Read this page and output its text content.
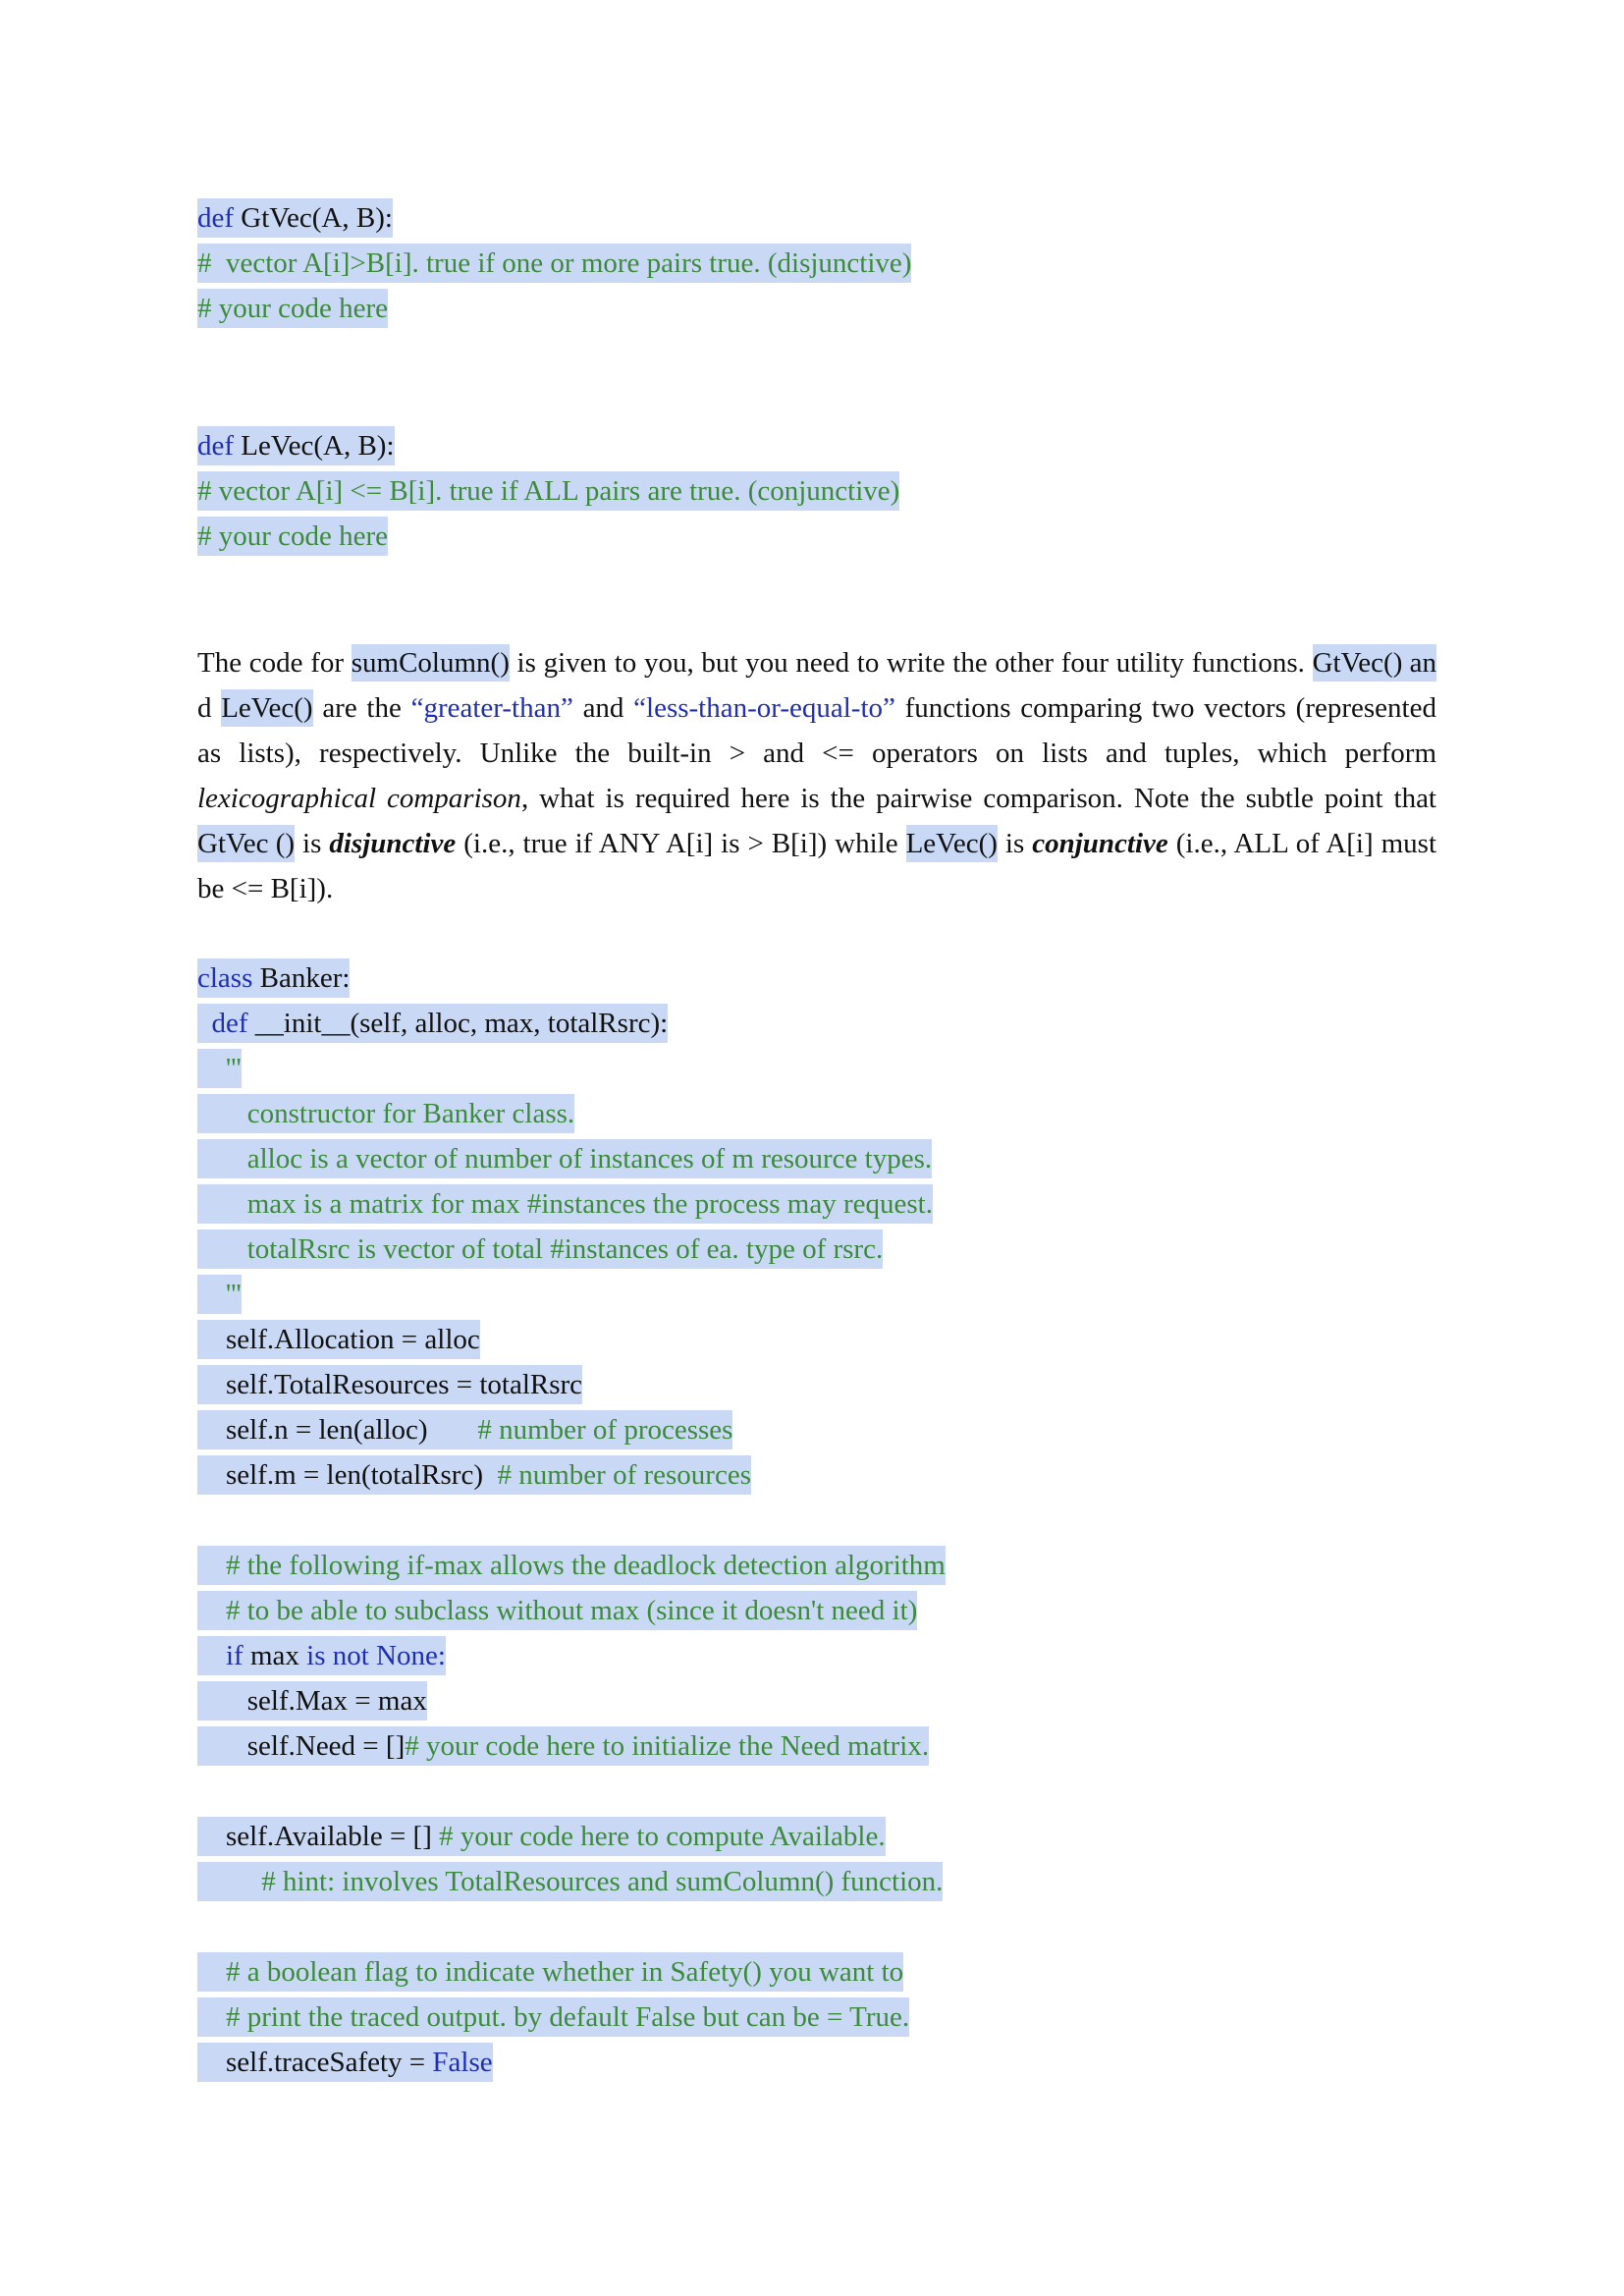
def GtVec(A, B):
#  vector A[i]>B[i]. true if one or more pairs true. (disjunctive)
# your code here
def LeVec(A, B):
# vector A[i] <= B[i]. true if ALL pairs are true. (conjunctive)
# your code here
The code for sumColumn() is given to you, but you need to write the other four utility functions. GtVec() and LeVec() are the “greater-than” and “less-than-or-equal-to” functions comparing two vectors (represented as lists), respectively. Unlike the built-in > and <= operators on lists and tuples, which perform lexicographical comparison, what is required here is the pairwise comparison. Note the subtle point that GtVec () is disjunctive (i.e., true if ANY A[i] is > B[i]) while LeVec() is conjunctive (i.e., ALL of A[i] must be <= B[i]).
class Banker:
def __init__(self, alloc, max, totalRsrc):
'''
constructor for Banker class.
alloc is a vector of number of instances of m resource types.
max is a matrix for max #instances the process may request.
totalRsrc is vector of total #instances of ea. type of rsrc.
'''
self.Allocation = alloc
self.TotalResources = totalRsrc
self.n = len(alloc) # number of processes
self.m = len(totalRsrc) # number of resources
# the following if-max allows the deadlock detection algorithm
# to be able to subclass without max (since it doesn't need it)
if max is not None:
self.Max = max
self.Need = []# your code here to initialize the Need matrix.
self.Available = [] # your code here to compute Available.
# hint: involves TotalResources and sumColumn() function.
# a boolean flag to indicate whether in Safety() you want to
# print the traced output. by default False but can be = True.
self.traceSafety = False
